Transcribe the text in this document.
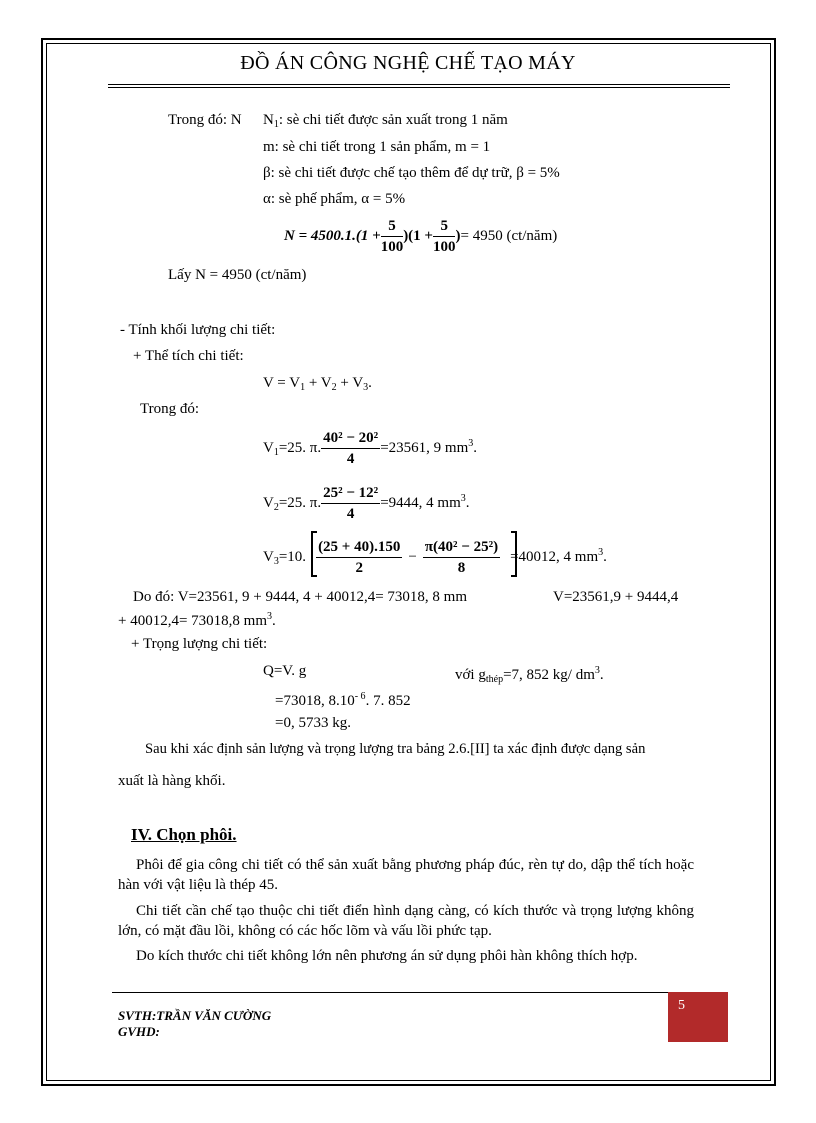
ĐỒ ÁN CÔNG NGHỆ CHẾ TẠO MÁY
Trong đó: N $N_1$: sè chi tiết được sản xuất trong 1 năm
m: sè chi tiết trong 1 sản phẩm, m = 1
β: sè chi tiết được chế tạo thêm để dự trữ, β = 5%
α: sè phế phẩm, α = 5%
$N = 4500.1.(1 + \frac{5}{100} )(1 + \frac{5}{100}$ )= 4950 (ct/năm)
Lấy N = 4950 (ct/năm)
- Tính khối lượng chi tiết:
+ Thể tích chi tiết:
$V = V_1 + V_2 + V_3$.
Trong đó:
$V_1=25$. π. $\frac{\text{40² − 20²}}{4} =23561$, 9 $mm^3$.
$V_2=25$. π. $\frac{\text{25² − 12²}}{4} =9444$, 4 $mm^3$.
$V_3=10$. $\frac{(25 + 40).150}{2} - \frac{\text{π(40² − 25²)}}{8} =40012$, 4 $mm^3$.
Do đó: V=23561, 9 + 9444, 4 + 40012,4= 73018, 8 mm	V=23561,9 + 9444,4
+ 40012,4= 73018,8 $mm^3$.
+ Trọng lượng chi tiết:
Q=V. g	với $g_{thép}=7$, 852 kg/ $dm^3$.
=73018, $8.10^{- 6}$. 7. 852
=0, 5733 kg.
Sau khi xác định sản lượng và trọng lượng tra bảng 2.6.[II] ta xác định được dạng sản
xuất là hàng khối.
IV. Chọn phôi.
Phôi để gia công chi tiết có thể sản xuất bằng phương pháp đúc, rèn tự do, dập thể tích hoặc hàn với vật liệu là thép 45.
Chi tiết cần chế tạo thuộc chi tiết điển hình dạng càng, có kích thước và trọng lượng không lớn, có mặt đầu lồi, không có các hốc lõm và vấu lồi phức tạp.
Do kích thước chi tiết không lớn nên phương án sử dụng phôi hàn không thích hợp.
5
SVTH:TRẦN VĂN CƯỜNG
GVHD:
